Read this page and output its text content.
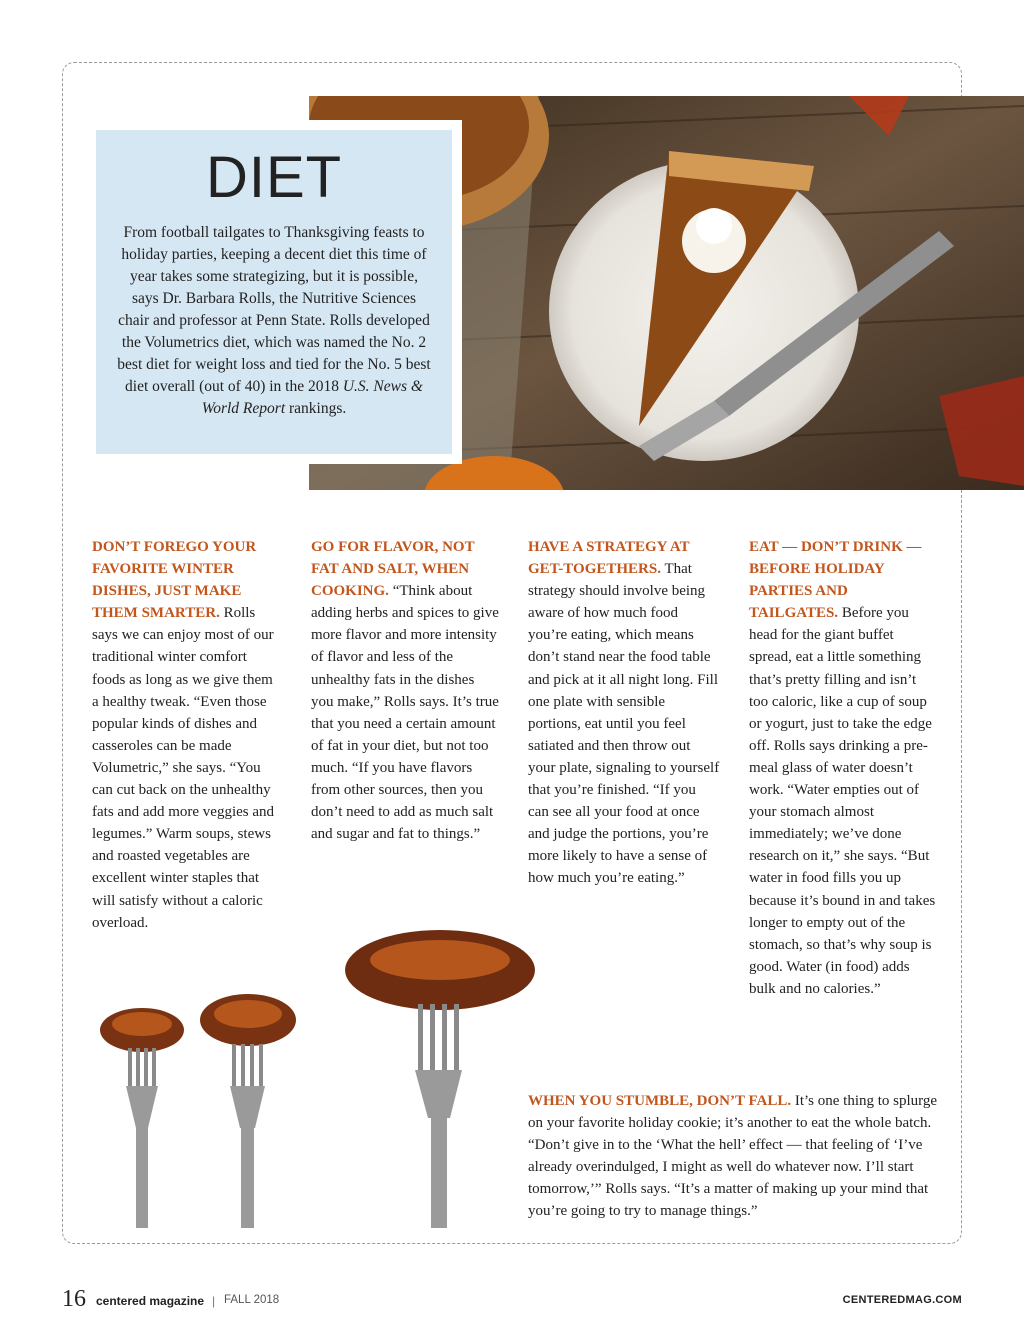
DIET
From football tailgates to Thanksgiving feasts to holiday parties, keeping a decent diet this time of year takes some strategizing, but it is possible, says Dr. Barbara Rolls, the Nutritive Sciences chair and professor at Penn State. Rolls developed the Volumetrics diet, which was named the No. 2 best diet for weight loss and tied for the No. 5 best diet overall (out of 40) in the 2018 U.S. News & World Report rankings.

DON’T FOREGO YOUR FAVORITE WINTER DISHES, JUST MAKE THEM SMARTER. Rolls says we can enjoy most of our traditional winter comfort foods as long as we give them a healthy tweak. “Even those popular kinds of dishes and casseroles can be made Volumetric,” she says. “You can cut back on the unhealthy fats and add more veggies and legumes.” Warm soups, stews and roasted vegetables are excellent winter staples that will satisfy without a caloric overload.

GO FOR FLAVOR, NOT FAT AND SALT, WHEN COOKING. “Think about adding herbs and spices to give more flavor and more intensity of flavor and less of the unhealthy fats in the dishes you make,” Rolls says. It’s true that you need a certain amount of fat in your diet, but not too much. “If you have flavors from other sources, then you don’t need to add as much salt and sugar and fat to things.”

HAVE A STRATEGY AT GET-TOGETHERS. That strategy should involve being aware of how much food you’re eating, which means don’t stand near the food table and pick at it all night long. Fill one plate with sensible portions, eat until you feel satiated and then throw out your plate, signaling to yourself that you’re finished. “If you can see all your food at once and judge the portions, you’re more likely to have a sense of how much you’re eating.”

EAT — DON’T DRINK — BEFORE HOLIDAY PARTIES AND TAILGATES. Before you head for the giant buffet spread, eat a little something that’s pretty filling and isn’t too caloric, like a cup of soup or yogurt, just to take the edge off. Rolls says drinking a pre-meal glass of water doesn’t work. “Water empties out of your stomach almost immediately; we’ve done research on it,” she says. “But water in food fills you up because it’s bound in and takes longer to empty out of the stomach, so that’s why soup is good. Water (in food) adds bulk and no calories.”

WHEN YOU STUMBLE, DON’T FALL. It’s one thing to splurge on your favorite holiday cookie; it’s another to eat the whole batch. “Don’t give in to the ‘What the hell’ effect — that feeling of ‘I’ve already overindulged, I might as well do whatever now. I’ll start tomorrow,’” Rolls says. “It’s a matter of making up your mind that you’re going to try to manage things.”

16 centered magazine | FALL 2018	CENTEREDMAG.COM
